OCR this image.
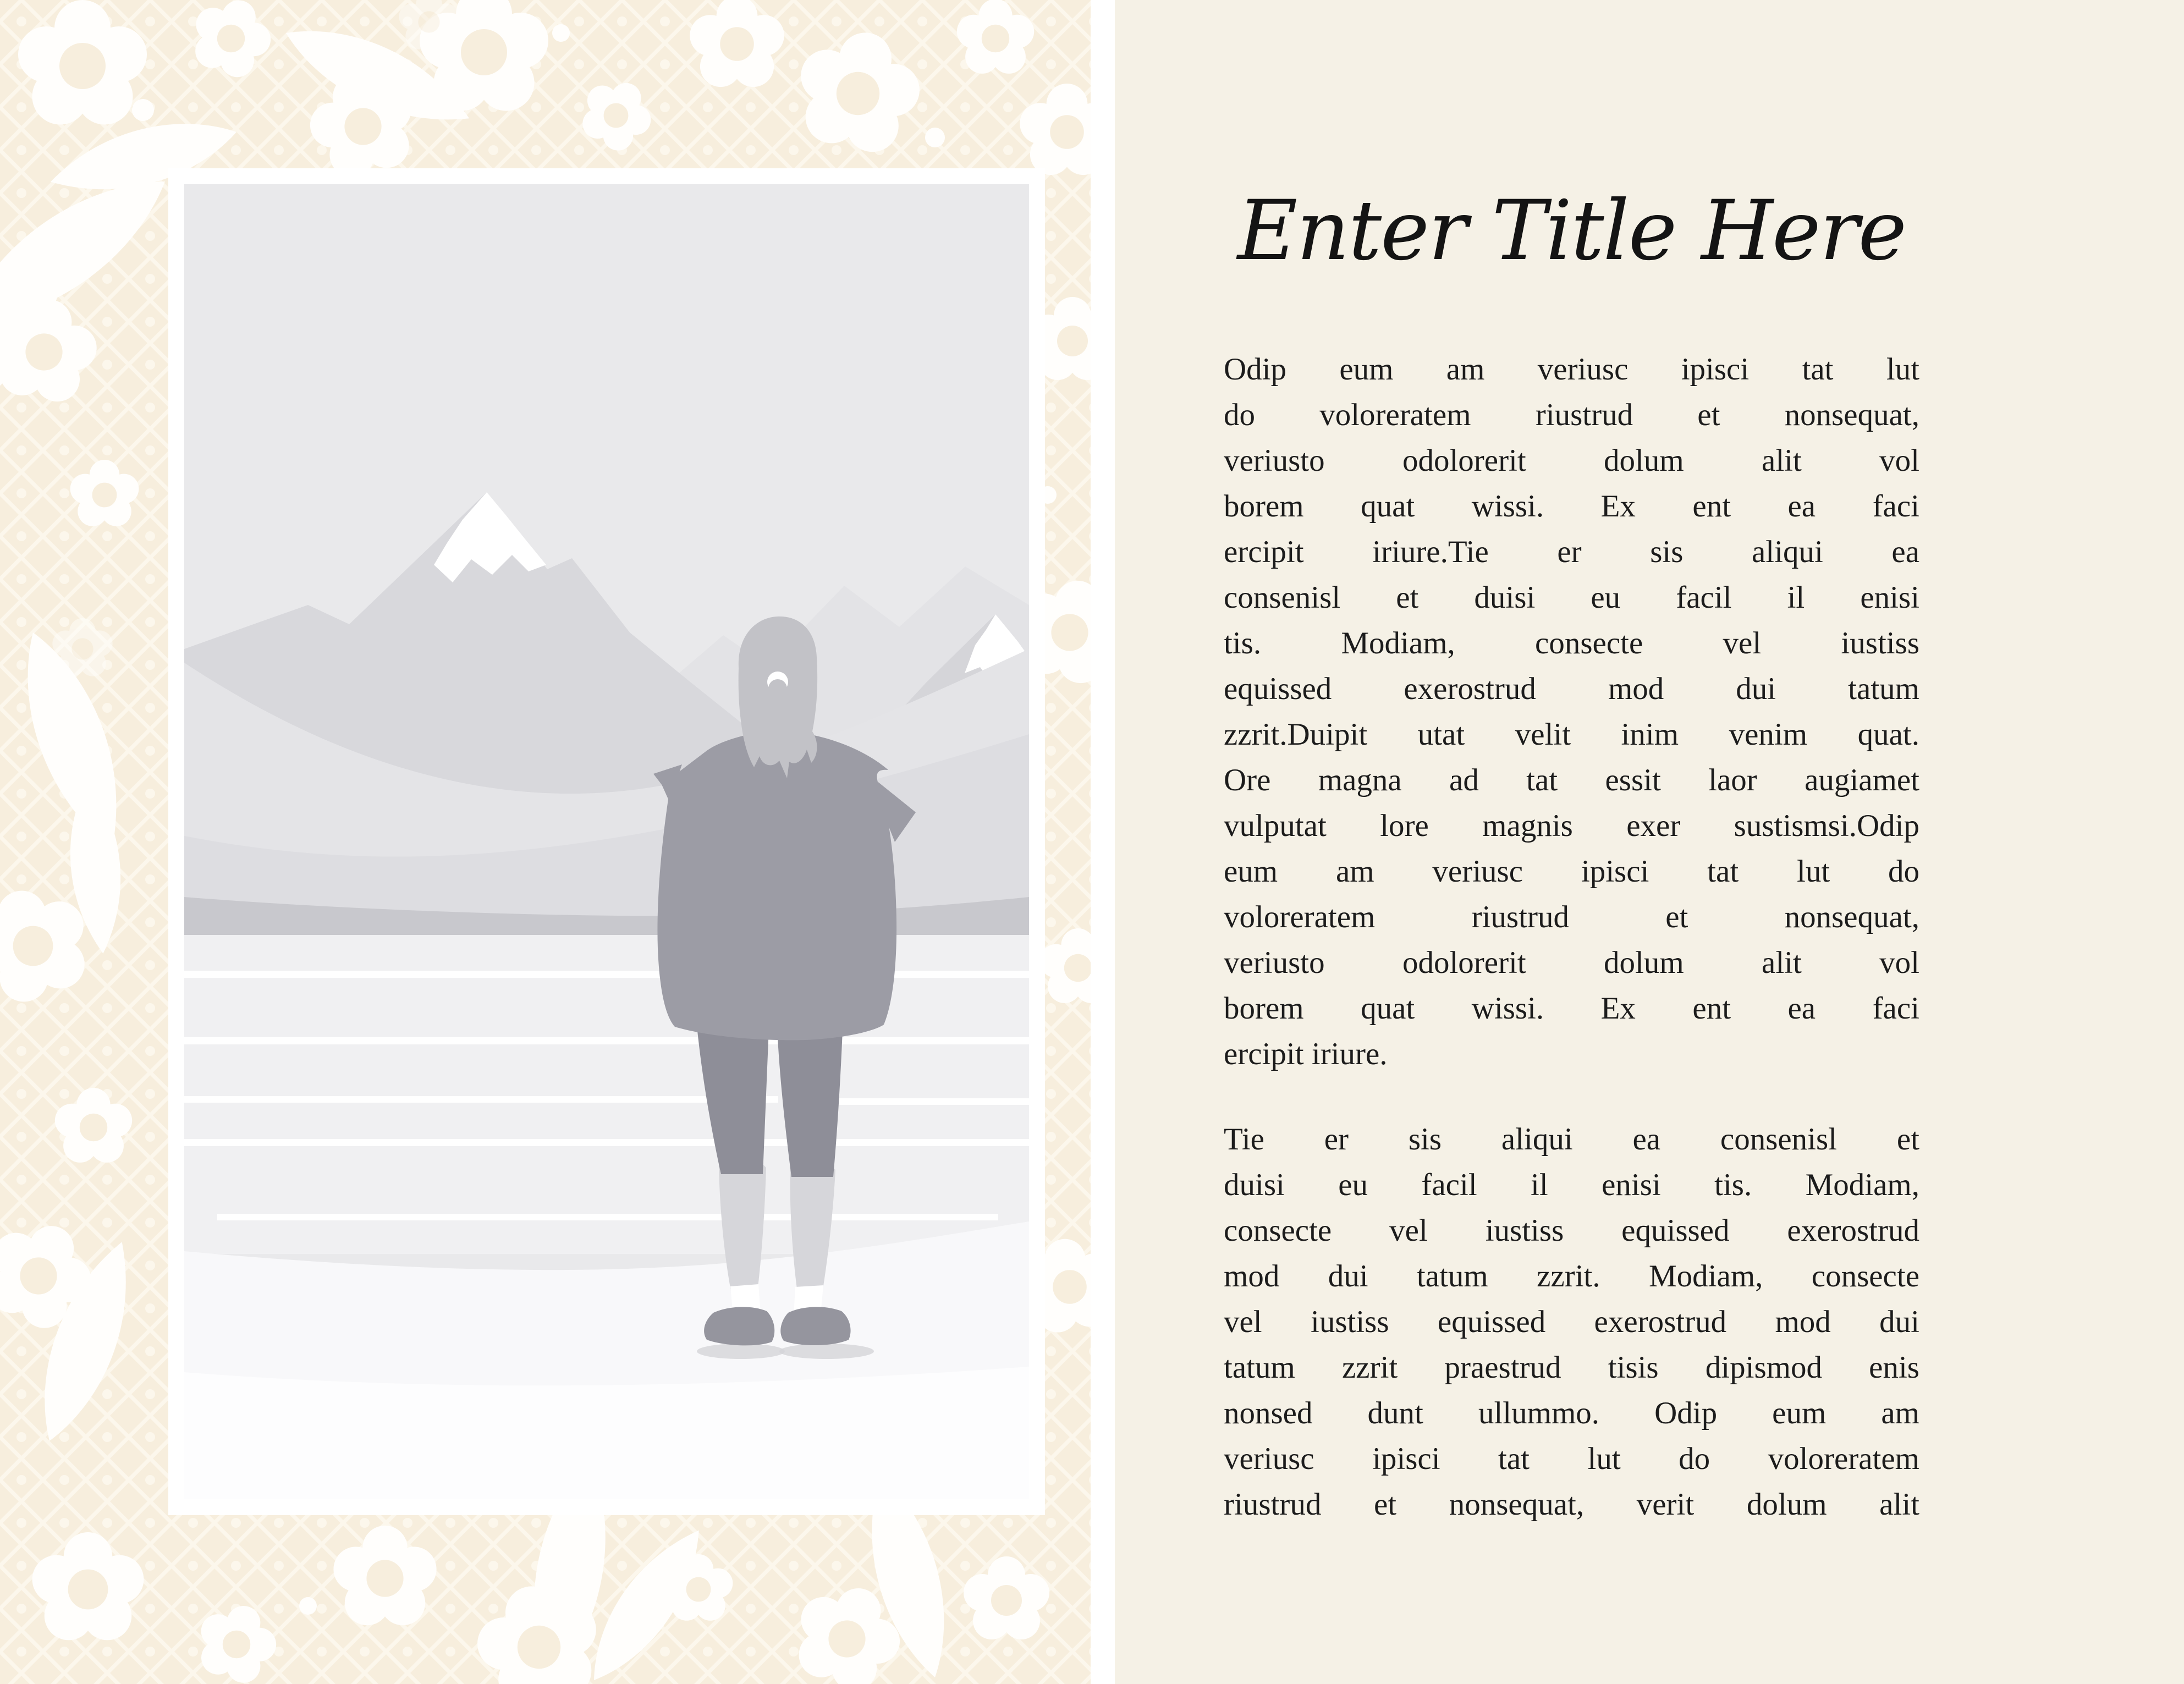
Enter Title Here
Odip eum am veriusc ipisci tat lut
do voloreratem riustrud et nonsequat,
veriusto odolorerit dolum alit vol
borem quat wissi. Ex ent ea faci
ercipit iriure.Tie er sis aliqui ea
consenisl et duisi eu facil il enisi
tis. Modiam, consecte vel iustiss
equissed exerostrud mod dui tatum
zzrit.Duipit utat velit inim venim quat.
Ore magna ad tat essit laor augiamet
vulputat lore magnis exer sustismsi.Odip
eum am veriusc ipisci tat lut do
voloreratem riustrud et nonsequat,
veriusto odolorerit dolum alit vol
borem quat wissi. Ex ent ea faci
ercipit iriure.
Tie er sis aliqui ea consenisl et
duisi eu facil il enisi tis. Modiam,
consecte vel iustiss equissed exerostrud
mod dui tatum zzrit. Modiam, consecte
vel iustiss equissed exerostrud mod dui
tatum zzrit praestrud tisis dipismod enis
nonsed dunt ullummo. Odip eum am
veriusc ipisci tat lut do voloreratem
riustrud et nonsequat, verit dolum alit
